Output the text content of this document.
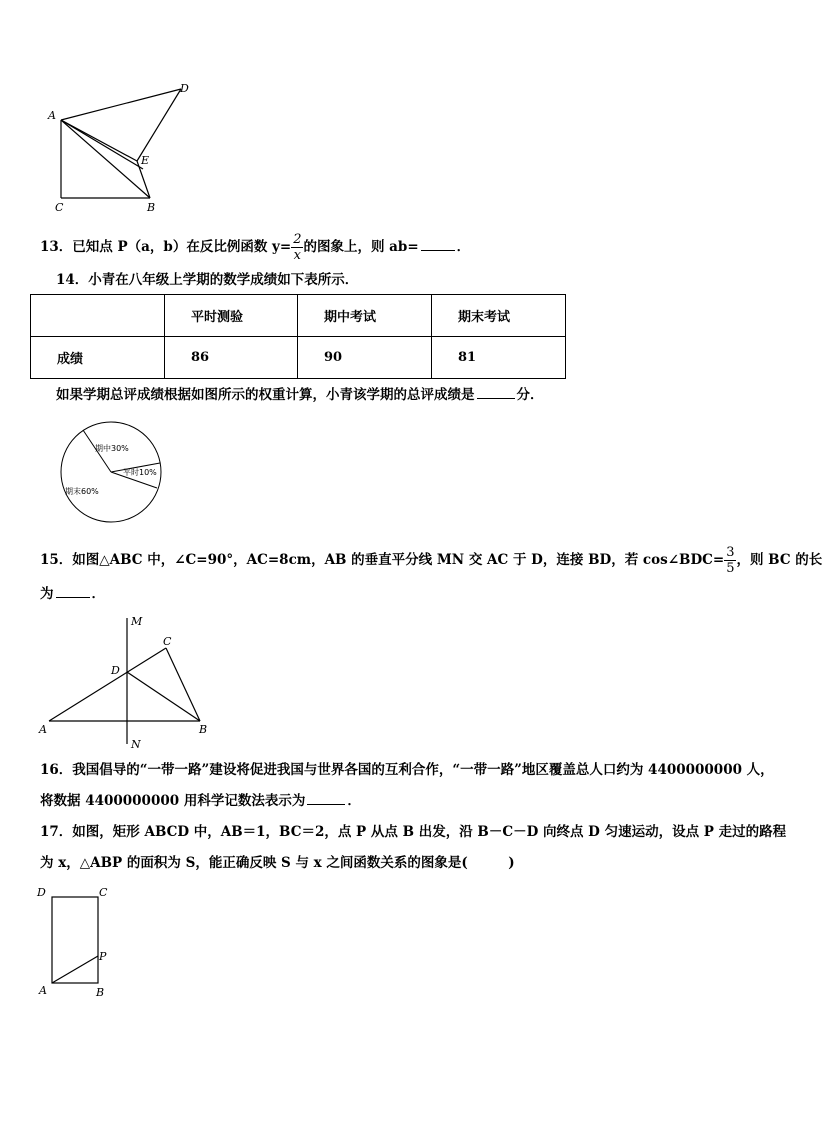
A
D
E
C	B
13．已知点 P（a，b）在反比例函数 $y= \frac{2}{x}$ 的图象上，则 ab=	．
14．小青在八年级上学期的数学成绩如下表所示．
	平时测验	期中考试	期末考试
成绩	86	90	81
如果学期总评成绩根据如图所示的权重计算，小青该学期的总评成绩是	分．
期中30%
平时10%
期末60%
15．如图△ABC 中，∠C=90°，AC=8cm，AB 的垂直平分线 MN 交 AC 于 D，连接 BD，若 cos∠BDC= $\frac{3}{5}$ ，则 BC 的长
为	．
M
C
D
A	B
N
16．我国倡导的“一带一路”建设将促进我国与世界各国的互利合作，“一带一路”地区覆盖总人口约为 4400000000 人，
将数据 4400000000 用科学记数法表示为	．
17．如图，矩形 ABCD 中，AB＝1，BC＝2，点 P 从点 B 出发，沿 B－C－D 向终点 D 匀速运动，设点 P 走过的路程
为 x，△ABP 的面积为 S，能正确反映 S 与 x 之间函数关系的图象是(　　　)
D	C
P
A	B
